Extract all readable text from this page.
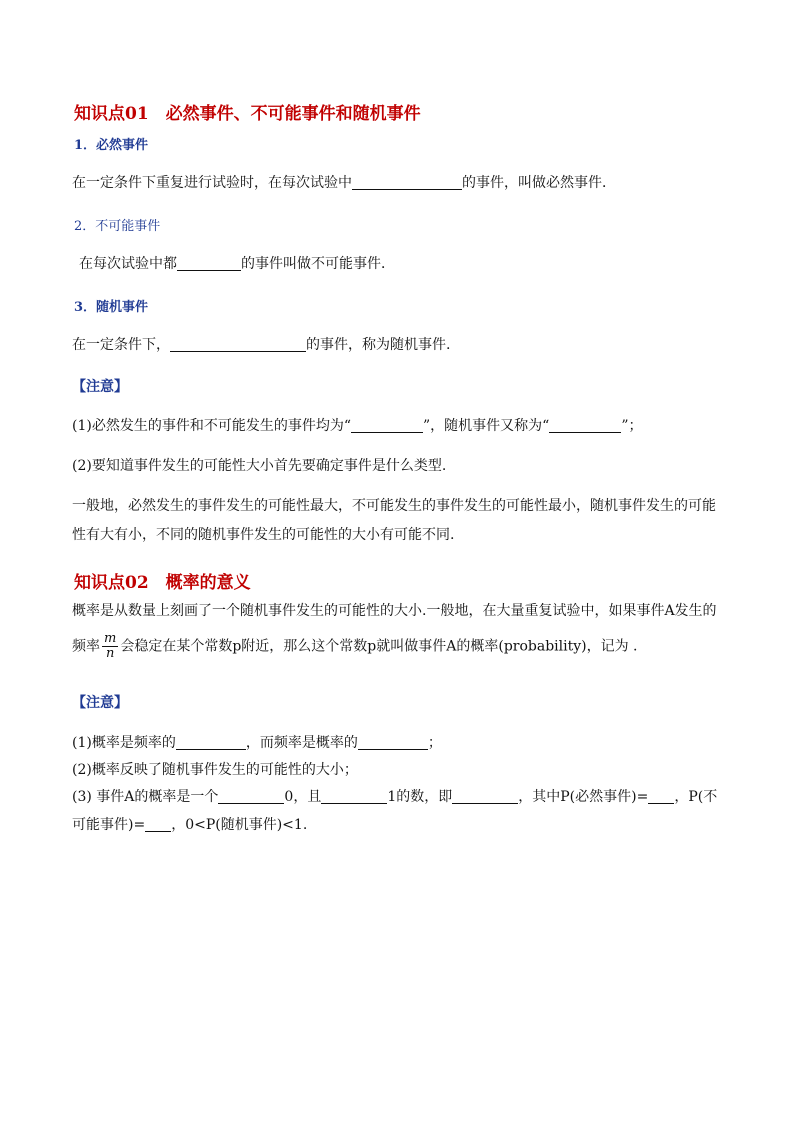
知识点01　必然事件、不可能事件和随机事件
1．必然事件
在一定条件下重复进行试验时，在每次试验中	的事件，叫做必然事件．
2．不可能事件
在每次试验中都	的事件叫做不可能事件．
3．随机事件
在一定条件下，	的事件，称为随机事件.
【注意】
(1)必然发生的事件和不可能发生的事件均为“	”，随机事件又称为“	”；
(2)要知道事件发生的可能性大小首先要确定事件是什么类型.
一般地，必然发生的事件发生的可能性最大，不可能发生的事件发生的可能性最小，随机事件发生的可能
性有大有小，不同的随机事件发生的可能性的大小有可能不同.
知识点02　概率的意义
概率是从数量上刻画了一个随机事件发生的可能性的大小.一般地，在大量重复试验中，如果事件A发生的
频率 $\frac{m}{n}$ 会稳定在某个常数p附近，那么这个常数p就叫做事件A的概率(probability)，记为 .
【注意】
(1)概率是频率的	，而频率是概率的	；
(2)概率反映了随机事件发生的可能性的大小；
(3) 事件A的概率是一个	0，且	1的数，即	，其中P(必然事件)= ，P(不
可能事件)= ，0<P(随机事件)<1.
